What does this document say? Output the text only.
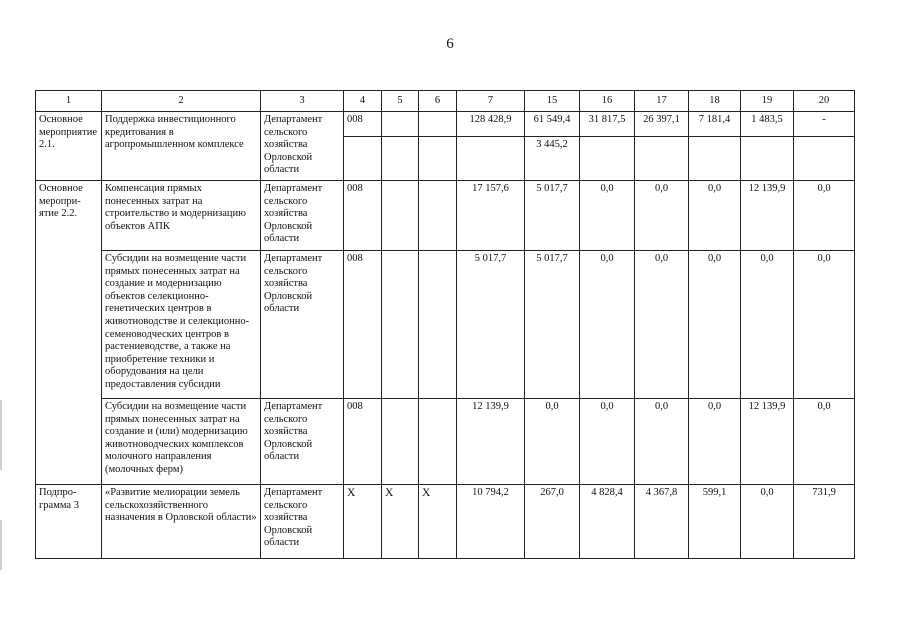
6
1	2	3	4	5	6	7	15	16	17	18	19	20
Основное мероприятие 2.1.	Поддержка инвестиционного кредитования в агропромышленном комплексе	Департамент сельского хозяйства Орловской области	008			128 428,9	61 549,4	31 817,5	26 397,1	7 181,4	1 483,5	-
							3 445,2					
Основное меропри-ятие 2.2.	Компенсация прямых понесенных затрат на строительство и модернизацию объектов АПК	Департамент сельского хозяйства Орловской области	008			17 157,6	5 017,7	0,0	0,0	0,0	12 139,9	0,0
	Субсидии на возмещение части прямых понесенных затрат на создание и модернизацию объектов селекционно-генетических центров в животноводстве и селекционно-семеноводческих центров в растениеводстве, а также на приобретение техники и оборудования на цели предоставления субсидии	Департамент сельского хозяйства Орловской области	008			5 017,7	5 017,7	0,0	0,0	0,0	0,0	0,0
	Субсидии на возмещение части прямых понесенных затрат на создание и (или) модернизацию животноводческих комплексов молочного направления (молочных ферм)	Департамент сельского хозяйства Орловской области	008			12 139,9	0,0	0,0	0,0	0,0	12 139,9	0,0
Подпро-грамма 3	«Развитие мелиорации земель сельскохозяйственного назначения в Орловской области»	Департамент сельского хозяйства Орловской области	Х	Х	Х	10 794,2	267,0	4 828,4	4 367,8	599,1	0,0	731,9
